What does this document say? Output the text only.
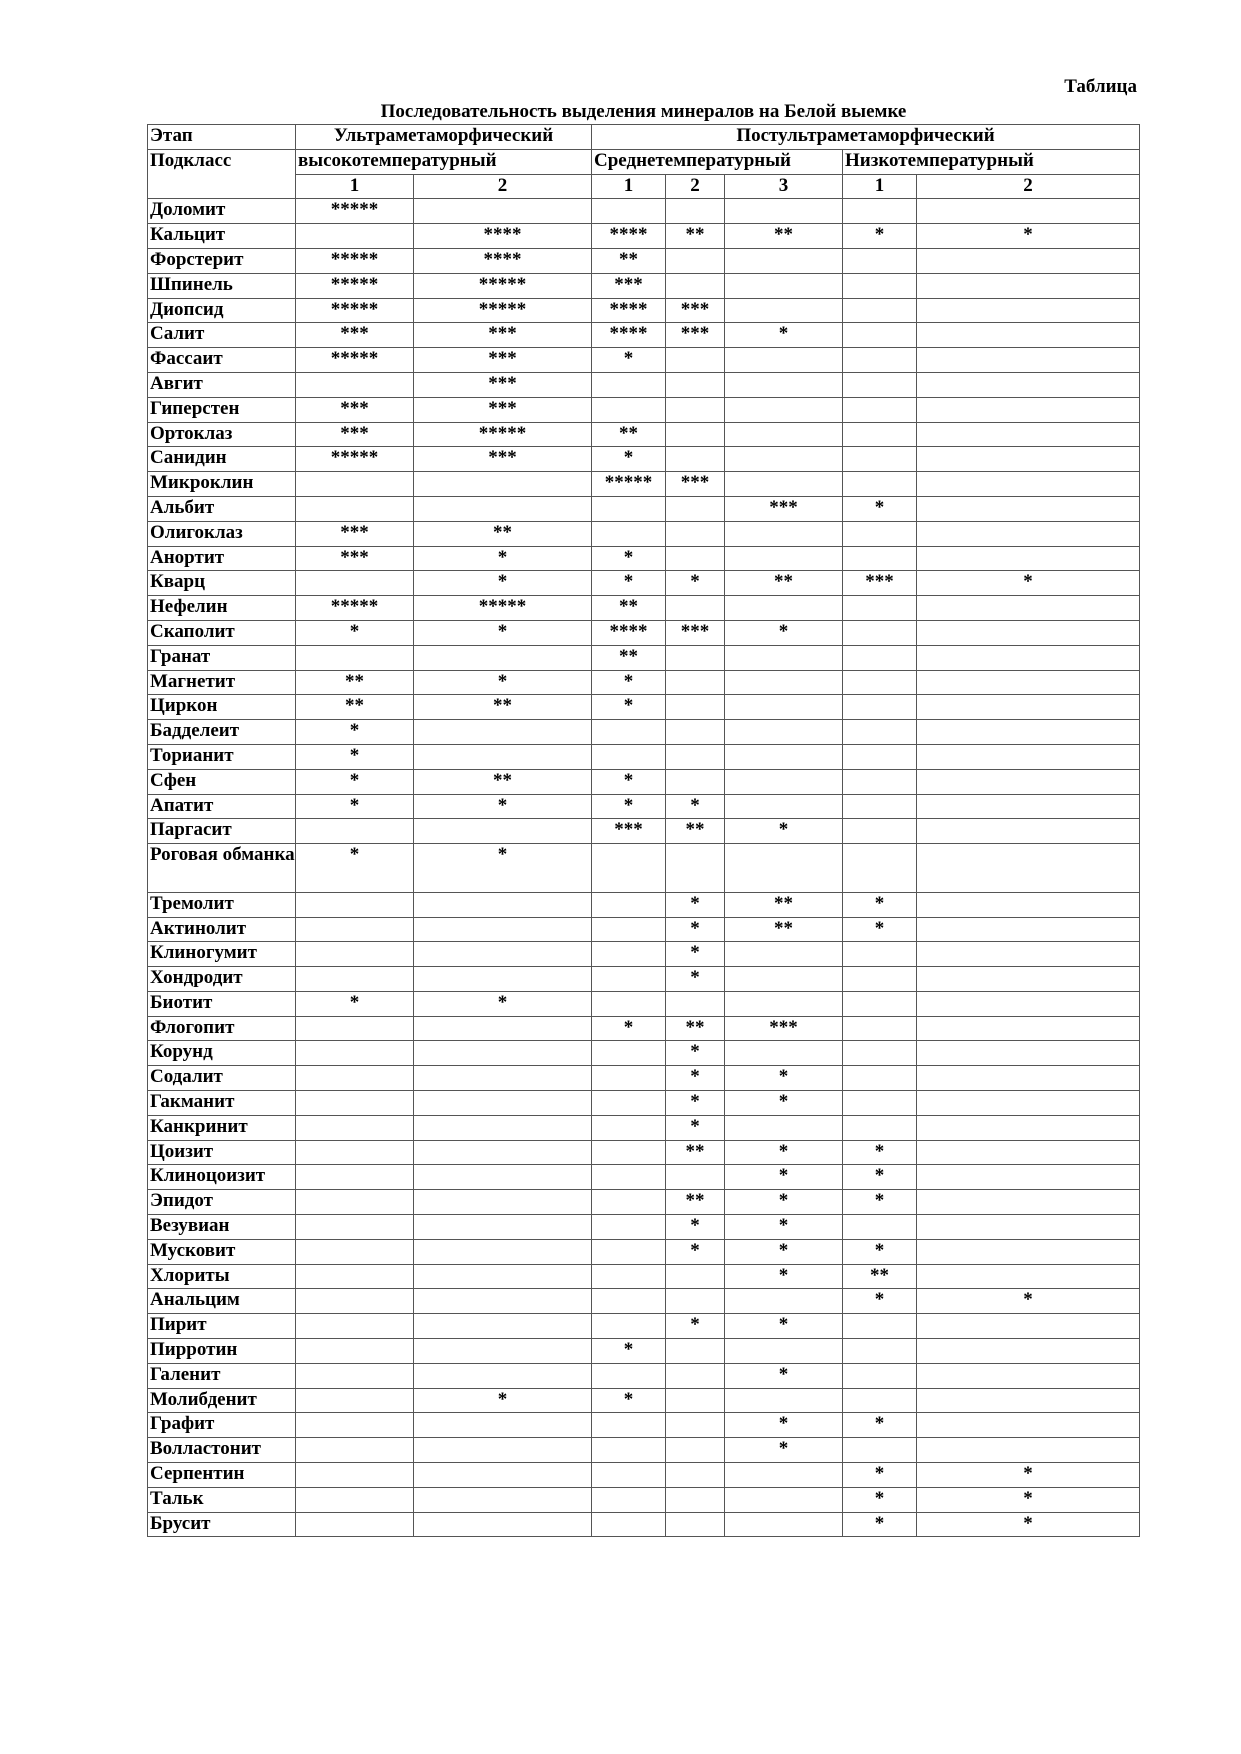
Таблица
Последовательность выделения минералов на Белой выемке
Этап	Ультраметаморфический		Постультраметаморфический				
Подкласс	высокотемпературный		Среднетемпературный			Низкотемпературный	
	1	2	1	2	3	1	2
Доломит	*****						
Кальцит		****	****	**	**	*	*
Форстерит	*****	****	**				
Шпинель	*****	*****	***				
Диопсид	*****	*****	****	***			
Салит	***	***	****	***	*		
Фассаит	*****	***	*				
Авгит		***					
Гиперстен	***	***					
Ортоклаз	***	*****	**				
Санидин	*****	***	*				
Микроклин			*****	***			
Альбит					***	*	
Олигоклаз	***	**					
Анортит	***	*	*				
Кварц		*	*	*	**	***	*
Нефелин	*****	*****	**				
Скаполит	*	*	****	***	*		
Гранат			**				
Магнетит	**	*	*				
Циркон	**	**	*				
Бадделеит	*						
Торианит	*						
Сфен	*	**	*				
Апатит	*	*	*	*			
Паргасит			***	**	*		
Роговая обманка	*	*					
Тремолит				*	**	*	
Актинолит				*	**	*	
Клиногумит				*			
Хондродит				*			
Биотит	*	*					
Флогопит			*	**	***		
Корунд				*			
Содалит				*	*		
Гакманит				*	*		
Канкринит				*			
Цоизит				**	*	*	
Клиноцоизит					*	*	
Эпидот				**	*	*	
Везувиан				*	*		
Мусковит				*	*	*	
Хлориты					*	**	
Анальцим						*	*
Пирит				*	*		
Пирротин			*				
Галенит					*		
Молибденит		*	*				
Графит					*	*	
Волластонит					*		
Серпентин						*	*
Тальк						*	*
Брусит						*	*
